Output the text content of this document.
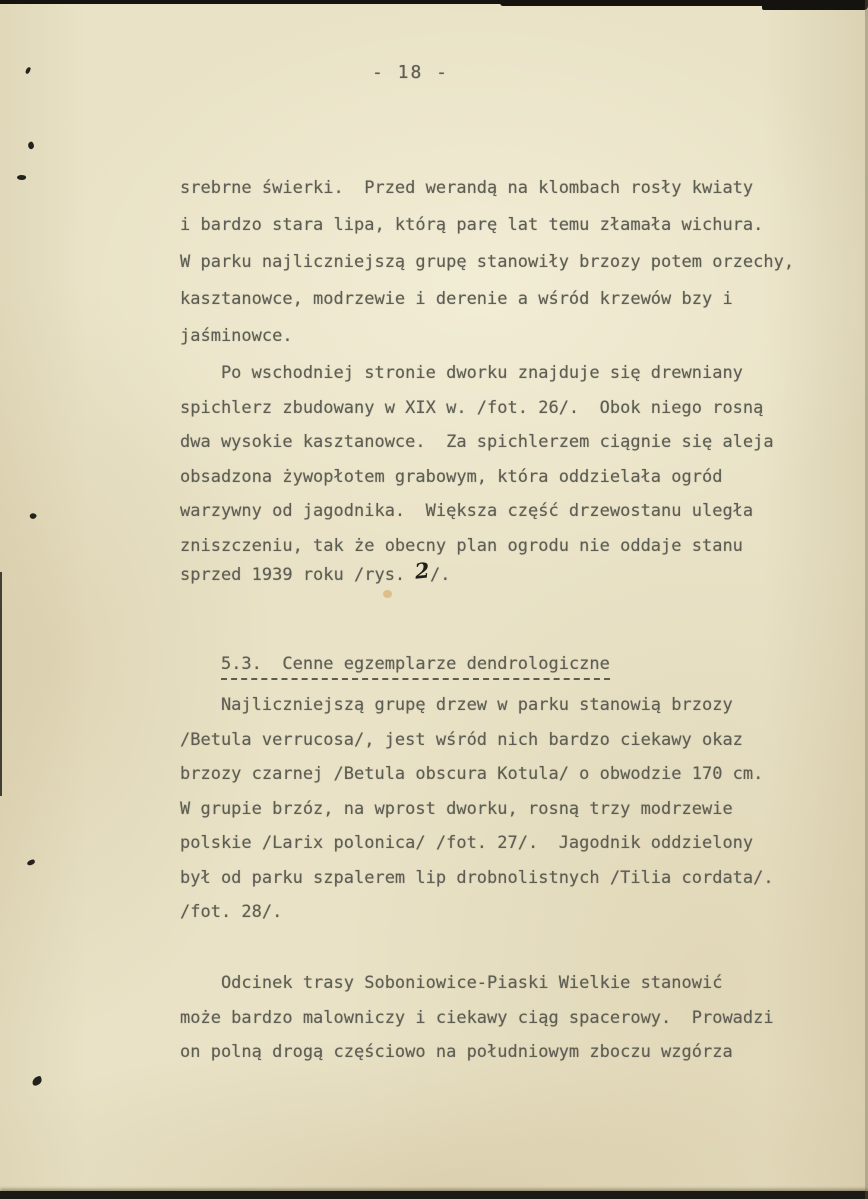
- 18 -
srebrne świerki.  Przed werandą na klombach rosły kwiaty
i bardzo stara lipa, którą parę lat temu złamała wichura.
W parku najliczniejszą grupę stanowiły brzozy potem orzechy,
kasztanowce, modrzewie i derenie a wśród krzewów bzy i
jaśminowce.
Po wschodniej stronie dworku znajduje się drewniany
spichlerz zbudowany w XIX w. /fot. 26/.  Obok niego rosną
dwa wysokie kasztanowce.  Za spichlerzem ciągnie się aleja
obsadzona żywopłotem grabowym, która oddzielała ogród
warzywny od jagodnika.  Większa część drzewostanu uległa
zniszczeniu, tak że obecny plan ogrodu nie oddaje stanu
sprzed 1939 roku /rys. 2/.

5.3.  Cenne egzemplarze dendrologiczne

Najliczniejszą grupę drzew w parku stanowią brzozy
/Betula verrucosa/, jest wśród nich bardzo ciekawy okaz
brzozy czarnej /Betula obscura Kotula/ o obwodzie 170 cm.
W grupie brzóz, na wprost dworku, rosną trzy modrzewie
polskie /Larix polonica/ /fot. 27/.  Jagodnik oddzielony
był od parku szpalerem lip drobnolistnych /Tilia cordata/.
/fot. 28/.
Odcinek trasy Soboniowice-Piaski Wielkie stanowić
może bardzo malowniczy i ciekawy ciąg spacerowy.  Prowadzi
on polną drogą częściowo na południowym zboczu wzgórza
